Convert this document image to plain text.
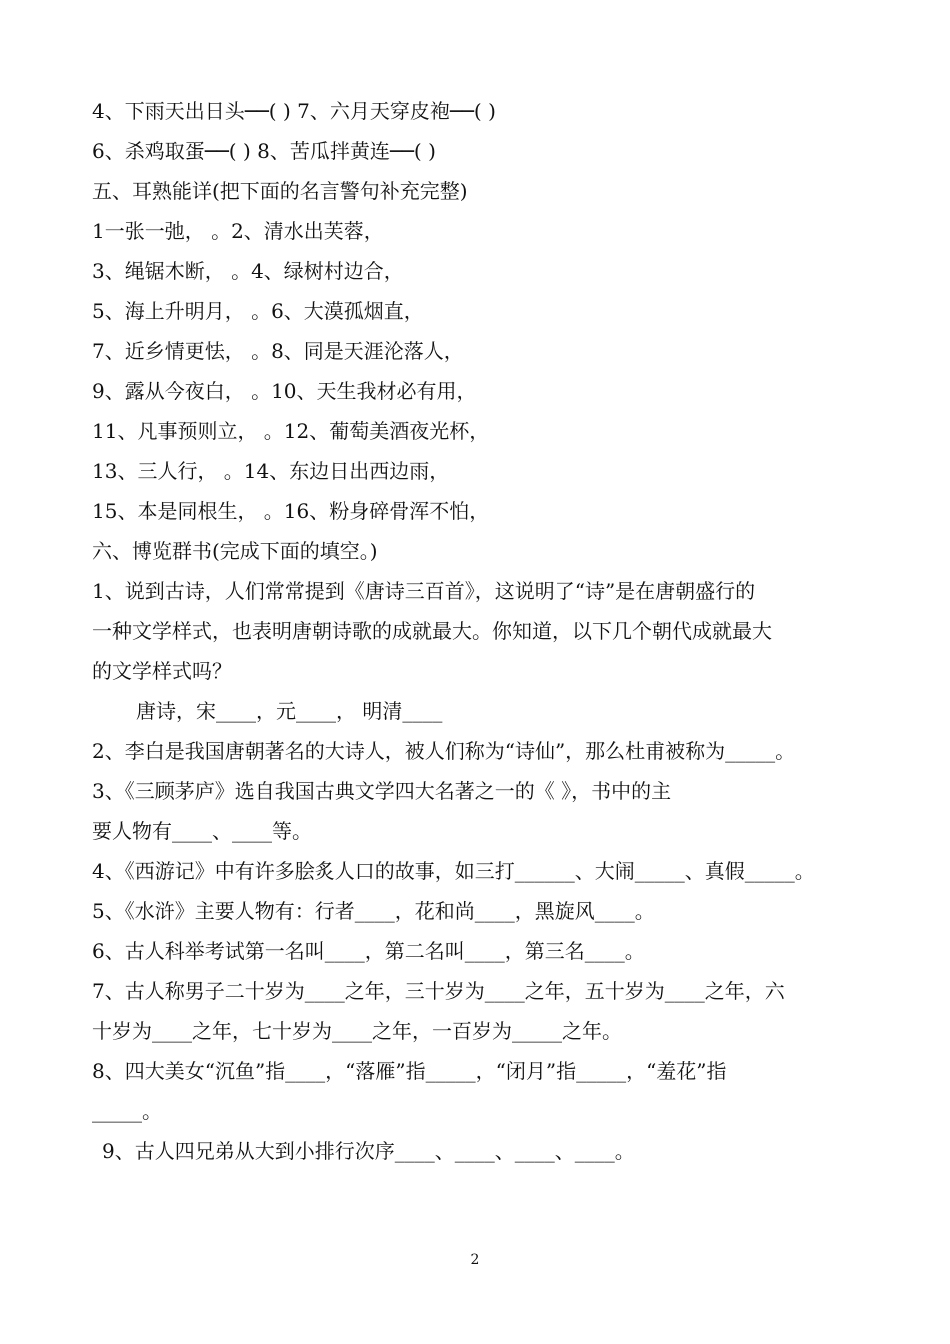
4、下雨天出日头──( ) 7、六月天穿皮袍──( )
6、杀鸡取蛋──( ) 8、苦瓜拌黄连──( )
五、耳熟能详(把下面的名言警句补充完整)
1一张一弛， 。2、清水出芙蓉，
3、绳锯木断， 。4、绿树村边合，
5、海上升明月， 。6、大漠孤烟直，
7、近乡情更怯， 。8、同是天涯沦落人，
9、露从今夜白， 。10、天生我材必有用，
11、凡事预则立， 。12、葡萄美酒夜光杯，
13、三人行， 。14、东边日出西边雨，
15、本是同根生， 。16、粉身碎骨浑不怕，
六、博览群书(完成下面的填空。)
1、说到古诗，人们常常提到《唐诗三百首》，这说明了“诗”是在唐朝盛行的
一种文学样式，也表明唐朝诗歌的成就最大。你知道，以下几个朝代成就最大
的文学样式吗？
唐诗，宋____，元____， 明清____
2、李白是我国唐朝著名的大诗人，被人们称为“诗仙”，那么杜甫被称为_____。
3、《三顾茅庐》选自我国古典文学四大名著之一的《 》，书中的主
要人物有____、____等。
4、《西游记》中有许多脍炙人口的故事，如三打______、大闹_____、真假_____。
5、《水浒》主要人物有：行者____，花和尚____，黑旋风____。
6、古人科举考试第一名叫____，第二名叫____，第三名____。
7、古人称男子二十岁为____之年，三十岁为____之年，五十岁为____之年，六
十岁为____之年，七十岁为____之年，一百岁为_____之年。
8、四大美女“沉鱼”指____，“落雁”指_____，“闭月”指_____，“羞花”指
_____。
9、古人四兄弟从大到小排行次序____、____、____、____。
2
